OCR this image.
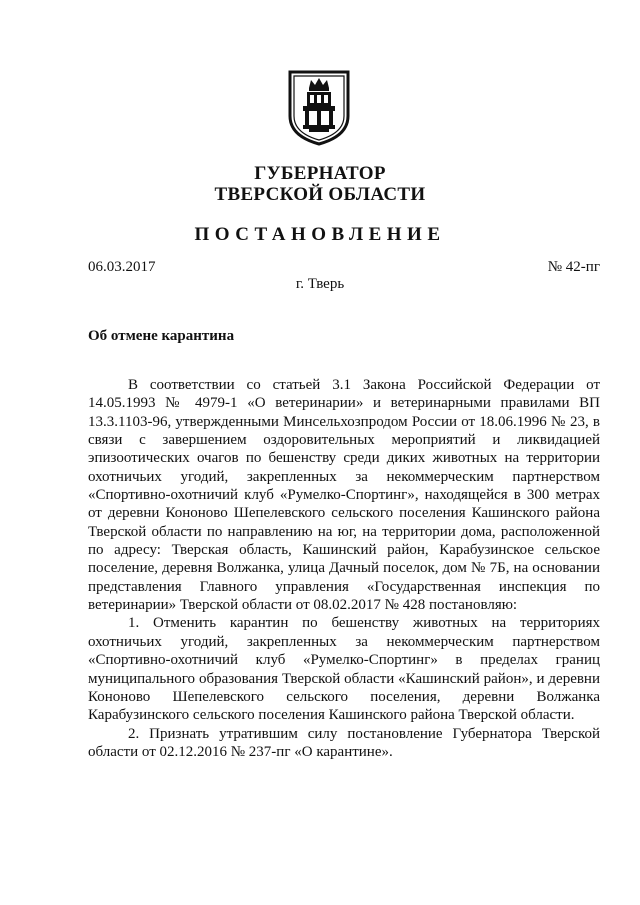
ГУБЕРНАТОР
ТВЕРСКОЙ ОБЛАСТИ
ПОСТАНОВЛЕНИЕ
06.03.2017	№ 42-пг
г. Тверь
Об отмене карантина

В соответствии со статьей 3.1 Закона Российской Федерации от 14.05.1993 № 4979-1 «О ветеринарии» и ветеринарными правилами ВП 13.3.1103-96, утвержденными Минсельхозпродом России от 18.06.1996 № 23, в связи с завершением оздоровительных мероприятий и ликвидацией эпизоотических очагов по бешенству среди диких животных на территории охотничьих угодий, закрепленных за некоммерческим партнерством «Спортивно-охотничий клуб «Румелко-Спортинг», находящейся в 300 метрах от деревни Кононово Шепелевского сельского поселения Кашинского района Тверской области по направлению на юг, на территории дома, расположенной по адресу: Тверская область, Кашинский район, Карабузинское сельское поселение, деревня Волжанка, улица Дачный поселок, дом № 7Б, на основании представления Главного управления «Государственная инспекция по ветеринарии» Тверской области от 08.02.2017 № 428 постановляю:

1. Отменить карантин по бешенству животных на территориях охотничьих угодий, закрепленных за некоммерческим партнерством «Спортивно-охотничий клуб «Румелко-Спортинг» в пределах границ муниципального образования Тверской области «Кашинский район», и деревни Кононово Шепелевского сельского поселения, деревни Волжанка Карабузинского сельского поселения Кашинского района Тверской области.

2. Признать утратившим силу постановление Губернатора Тверской области от 02.12.2016 № 237-пг «О карантине».
